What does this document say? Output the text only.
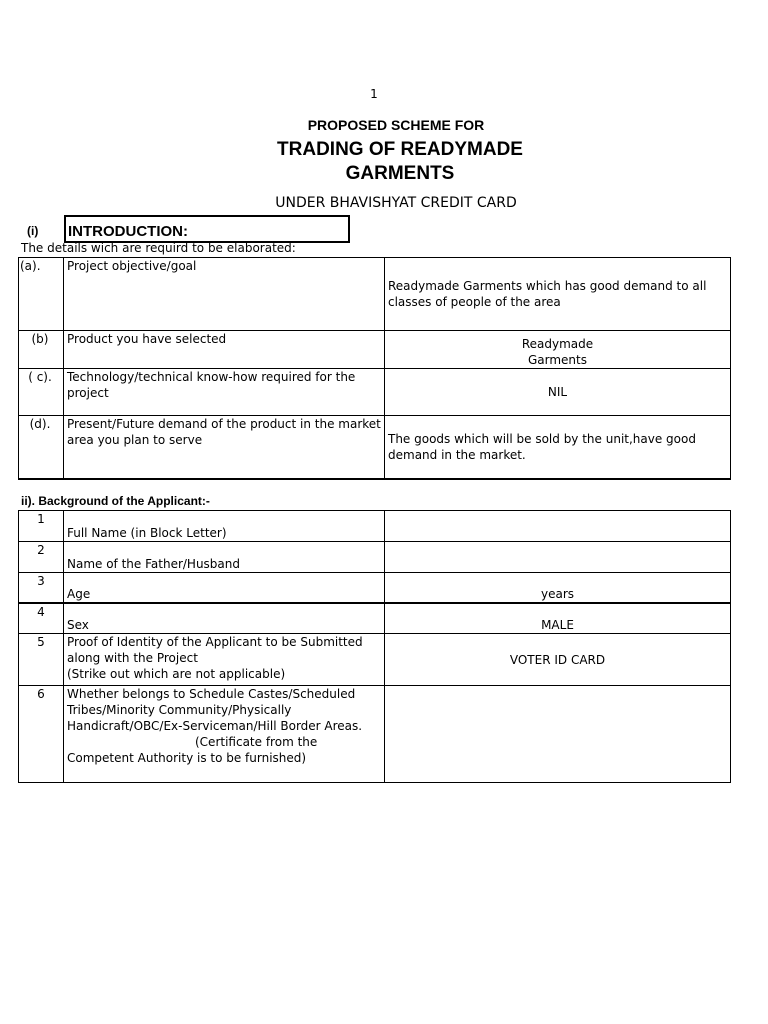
1
PROPOSED SCHEME FOR
TRADING OF READYMADE
GARMENTS
UNDER BHAVISHYAT CREDIT CARD
(i) INTRODUCTION:
The details wich are requird to be elaborated:
(a).	Project objective/goal	Readymade Garments which has good demand to all classes of people of the area
(b)	Product you have selected	Readymade
Garments

( c).	Technology/technical know-how required for the project	NIL
(d).	Present/Future demand of the product in the market area you plan to serve	The goods which will be sold by the unit,have good demand in the market.
ii). Background of the Applicant:-
1	Full Name (in Block Letter)	
2	Name of the Father/Husband	
3	Age	years
4	Sex	MALE
5	Proof of Identity of the Applicant to be Submitted
along with the Project
(Strike out which are not applicable)	VOTER ID CARD
6	Whether belongs to Schedule Castes/Scheduled Tribes/Minority Community/Physically Handicraft/OBC/Ex-Serviceman/Hill Border Areas.
(Certificate from the
Competent Authority is to be furnished)	
